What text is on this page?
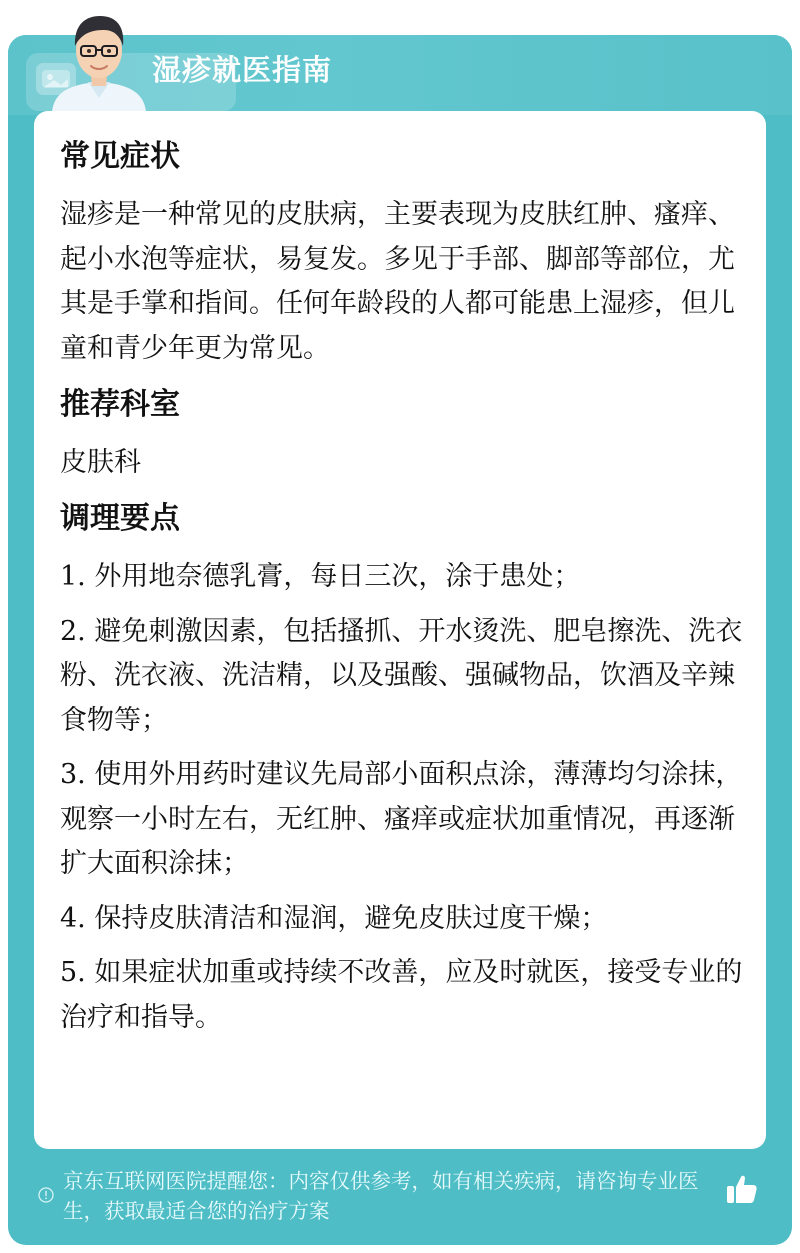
京东互联网医院提醒您：内容仅供参考，如有相关疾病，请咨询专业医生，获取最适合您的治疗方案
湿疹就医指南
常见症状
湿疹是一种常见的皮肤病，主要表现为皮肤红肿、瘙痒、起小水泡等症状，易复发。多见于手部、脚部等部位，尤其是手掌和指间。任何年龄段的人都可能患上湿疹，但儿童和青少年更为常见。
推荐科室
皮肤科
调理要点
1. 外用地奈德乳膏，每日三次，涂于患处；
2. 避免刺激因素，包括搔抓、开水烫洗、肥皂擦洗、洗衣粉、洗衣液、洗洁精，以及强酸、强碱物品，饮酒及辛辣食物等；
3. 使用外用药时建议先局部小面积点涂，薄薄均匀涂抹，观察一小时左右，无红肿、瘙痒或症状加重情况，再逐渐扩大面积涂抹；
4. 保持皮肤清洁和湿润，避免皮肤过度干燥；
5. 如果症状加重或持续不改善，应及时就医，接受专业的治疗和指导。
